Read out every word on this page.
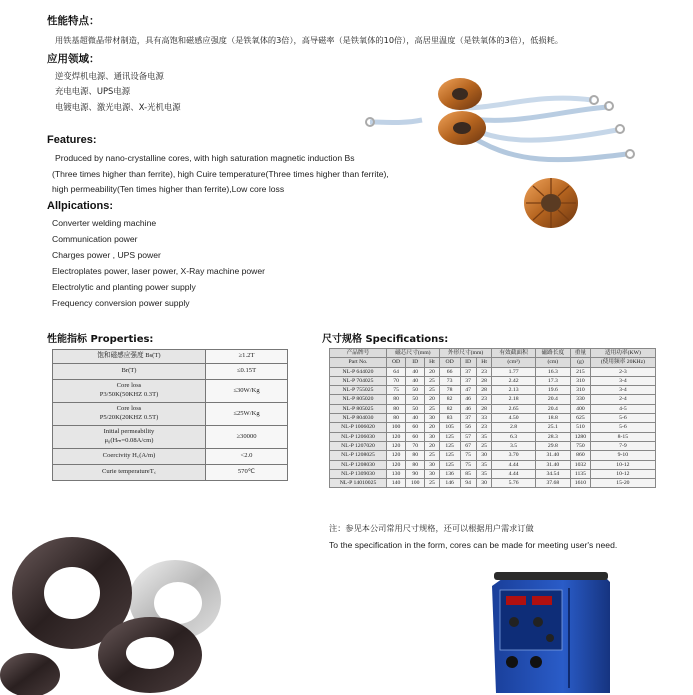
性能特点：
用铁基超微晶带材制造，具有高饱和磁感应强度（是铁氧体的3倍），高导磁率（是铁氧体的10倍），高居里温度（是铁氧体的3倍），低损耗。
应用领域：
逆变焊机电源、通讯设备电源
充电电源、UPS电源
电镀电源、激光电源、X-光机电源
Features:
Produced by nano-crystalline cores, with high saturation magnetic induction Bs
(Three times higher than ferrite), high Cuire temperature(Three times higher than ferrite),
high permeability(Ten times higher than ferrite),Low core loss
Allpications:
Converter welding machine
Communication power
Charges power , UPS power
Electroplates power, laser power, X-Ray machine power
Electrolytic and planting power supply
Frequency conversion power supply
性能指标 Properties:
饱和磁感应强度 Bs(T)	≥1.2T
Br(T)	≤0.15T
Core loss
P3/50K(50KHZ 0.3T)	≤30W/Kg
Core loss
P5/20K(20KHZ 0.5T)	≤25W/Kg
Initial permeability
μ₀(Hₘ=0.08A/cm)	≥30000
Coercivity H꜀(A/m)	<2.0
Curie temperatureT꜀	570℃
尺寸规格 Specifications:
产品牌号	磁芯尺寸(mm)			外形尺寸(mm)			有效截面积	磁路长度	重量	适用功率(KW)
Part No.	OD	ID	Ht	OD	ID	Ht	(cm²)	(cm)	(g)	(使用频率 20KHz)
NL-P 644020	64	40	20	66	37	23	1.77	16.3	215	2-3
NL-P 704025	70	40	25	73	37	28	2.42	17.3	310	3-4
NL-P 755025	75	50	25	78	47	28	2.13	19.6	310	3-4
NL-P 805020	80	50	20	82	46	23	2.18	20.4	330	2-4
NL-P 805025	80	50	25	82	46	28	2.65	20.4	400	4-5
NL-P 804030	80	40	30	83	37	33	4.50	18.8	625	5-6
NL-P 1006020	100	60	20	105	56	23	2.8	25.1	510	5-6
NL-P 1206030	120	60	30	125	57	35	6.3	28.3	1280	8-15
NL-P 1207020	120	70	20	125	67	25	3.5	29.8	750	7-9
NL-P 1208025	120	80	25	125	75	30	3.70	31.40	860	9-10
NL-P 1208030	120	80	30	125	75	35	4.44	31.40	1032	10-12
NL-P 1309030	130	90	30	136	85	35	4.44	34.54	1135	10-12
NL-P 14010025	140	100	25	146	94	30	5.76	37.68	1610	15-20
注：参见本公司常用尺寸规格，还可以根据用户需求订做
To the specification in the form, cores can be made for meeting user's need.
